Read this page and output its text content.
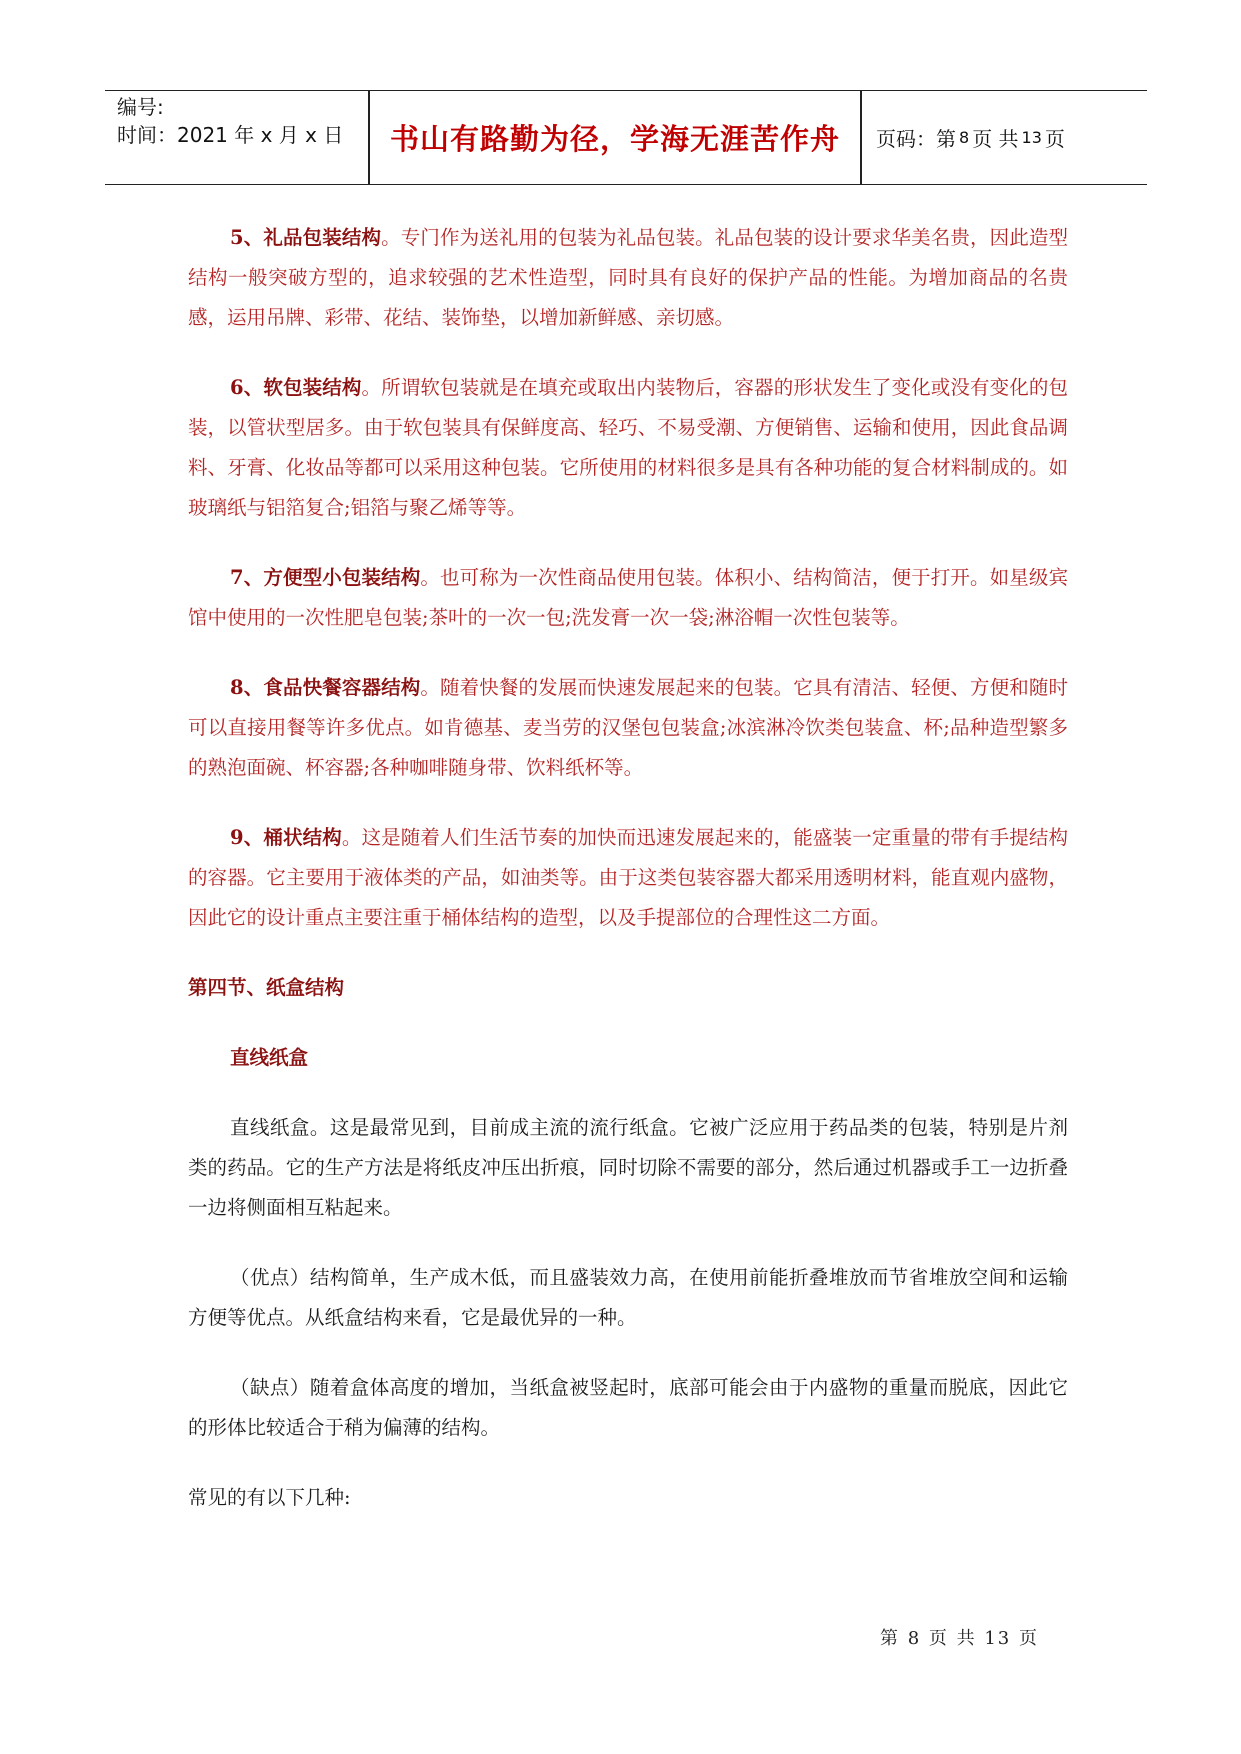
编号:
时间：2021 年 x 月 x 日	书山有路勤为径，学海无涯苦作舟	页码：第 8 页 共 13 页

5、礼品包装结构。专门作为送礼用的包装为礼品包装。礼品包装的设计要求华美名贵，因此造型结构一般突破方型的，追求较强的艺术性造型，同时具有良好的保护产品的性能。为增加商品的名贵感，运用吊牌、彩带、花结、装饰垫，以增加新鲜感、亲切感。

6、软包装结构。所谓软包装就是在填充或取出内装物后，容器的形状发生了变化或没有变化的包装，以管状型居多。由于软包装具有保鲜度高、轻巧、不易受潮、方便销售、运输和使用，因此食品调料、牙膏、化妆品等都可以采用这种包装。它所使用的材料很多是具有各种功能的复合材料制成的。如玻璃纸与铝箔复合;铝箔与聚乙烯等等。

7、方便型小包装结构。也可称为一次性商品使用包装。体积小、结构简洁，便于打开。如星级宾馆中使用的一次性肥皂包装;茶叶的一次一包;洗发膏一次一袋;淋浴帽一次性包装等。

8、食品快餐容器结构。随着快餐的发展而快速发展起来的包装。它具有清洁、轻便、方便和随时可以直接用餐等许多优点。如肯德基、麦当劳的汉堡包包装盒;冰滨淋冷饮类包装盒、杯;品种造型繁多的熟泡面碗、杯容器;各种咖啡随身带、饮料纸杯等。

9、桶状结构。这是随着人们生活节奏的加快而迅速发展起来的，能盛装一定重量的带有手提结构的容器。它主要用于液体类的产品，如油类等。由于这类包装容器大都采用透明材料，能直观内盛物，因此它的设计重点主要注重于桶体结构的造型，以及手提部位的合理性这二方面。

第四节、纸盒结构
直线纸盒

直线纸盒。这是最常见到，目前成主流的流行纸盒。它被广泛应用于药品类的包装，特别是片剂类的药品。它的生产方法是将纸皮冲压出折痕，同时切除不需要的部分，然后通过机器或手工一边折叠一边将侧面相互粘起来。

（优点）结构简单，生产成木低，而且盛装效力高，在使用前能折叠堆放而节省堆放空间和运输方便等优点。从纸盒结构来看，它是最优异的一种。

（缺点）随着盒体高度的增加，当纸盒被竖起时，底部可能会由于内盛物的重量而脱底，因此它的形体比较适合于稍为偏薄的结构。

常见的有以下几种:

第 8 页 共 13 页
